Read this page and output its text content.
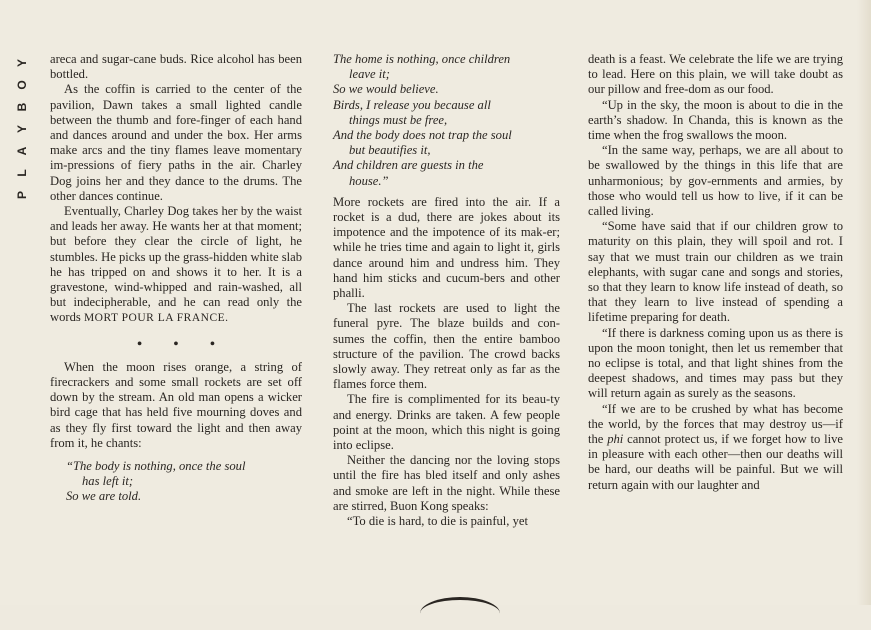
Y
O
B
Y
A
L
P

areca and sugar-cane buds. Rice alcohol has been bottled.

As the coffin is carried to the center of the pavilion, Dawn takes a small lighted candle between the thumb and fore-finger of each hand and dances around and under the box. Her arms make arcs and the tiny flames leave momentary im-pressions of fiery paths in the air. Charley Dog joins her and they dance to the drums. The other dances continue.

Eventually, Charley Dog takes her by the waist and leads her away. He wants her at that moment; but before they clear the circle of light, he stumbles. He picks up the grass-hidden white slab he has tripped on and shows it to her. It is a gravestone, wind-whipped and rain-washed, all but indecipherable, and he can read only the words MORT POUR LA FRANCE.

• • •

When the moon rises orange, a string of firecrackers and some small rockets are set off down by the stream. An old man opens a wicker bird cage that has held five mourning doves and as they fly first toward the light and then away from it, he chants:

“The body is nothing, once the soul
has left it;
So we are told.
The home is nothing, once children
leave it;
So we would believe.
Birds, I release you because all
things must be free,
And the body does not trap the soul
but beautifies it,
And children are guests in the
house.”

More rockets are fired into the air. If a rocket is a dud, there are jokes about its impotence and the impotence of its mak-er; while he tries time and again to light it, girls dance around him and undress him. They hand him sticks and cucum-bers and other phalli.

The last rockets are used to light the funeral pyre. The blaze builds and con-sumes the coffin, then the entire bamboo structure of the pavilion. The crowd backs slowly away. They retreat only as far as the flames force them.

The fire is complimented for its beau-ty and energy. Drinks are taken. A few people point at the moon, which this night is going into eclipse.

Neither the dancing nor the loving stops until the fire has bled itself and only ashes and smoke are left in the night. While these are stirred, Buon Kong speaks:

“To die is hard, to die is painful, yet

death is a feast. We celebrate the life we are trying to lead. Here on this plain, we will take doubt as our pillow and free-dom as our food.

“Up in the sky, the moon is about to die in the earth’s shadow. In Chanda, this is known as the time when the frog swallows the moon.

“In the same way, perhaps, we are all about to be swallowed by the things in this life that are unharmonious; by gov-ernments and armies, by those who would tell us how to live, if it can be called living.

“Some have said that if our children grow to maturity on this plain, they will spoil and rot. I say that we must train our children as we train elephants, with sugar cane and songs and stories, so that they learn to know life instead of death, so that they learn to live instead of spending a lifetime preparing for death.

“If there is darkness coming upon us as there is upon the moon tonight, then let us remember that no eclipse is total, and that light shines from the deepest shadows, and times may pass but they will return again as surely as the seasons.

“If we are to be crushed by what has become the world, by the forces that may destroy us—if the phi cannot protect us, if we forget how to live in pleasure with each other—then our deaths will be hard, our deaths will be painful. But we will return again with our laughter and
